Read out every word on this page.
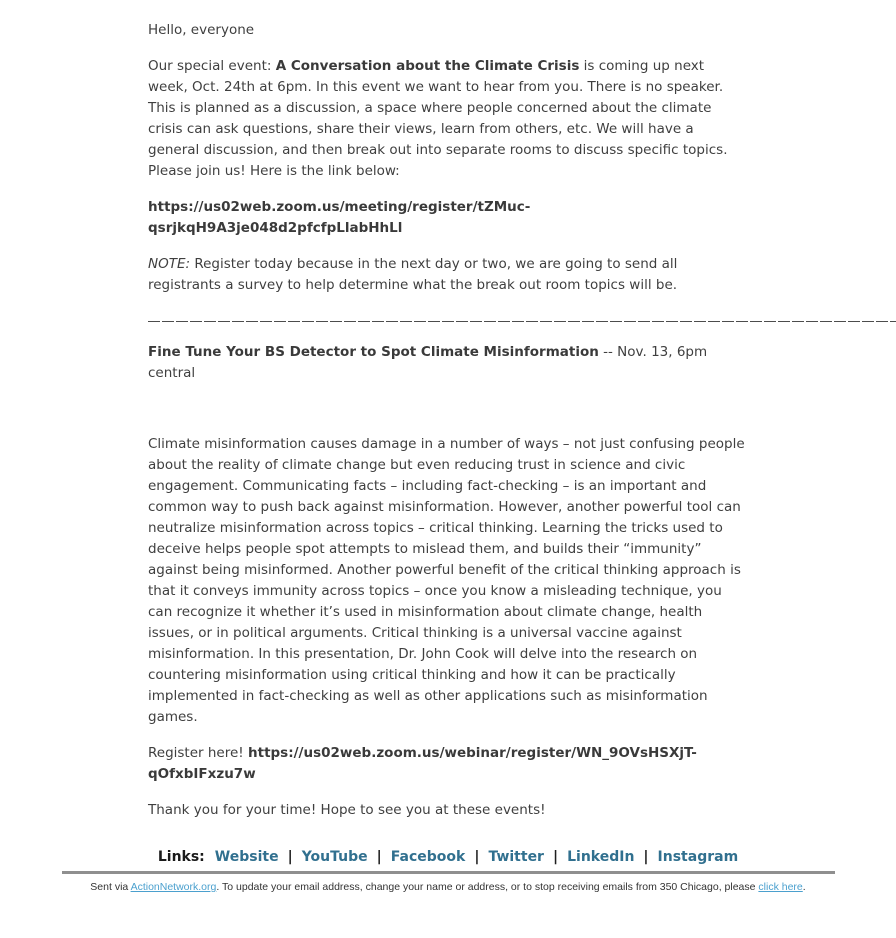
Hello, everyone

Our special event: A Conversation about the Climate Crisis is coming up next week, Oct. 24th at 6pm. In this event we want to hear from you. There is no speaker. This is planned as a discussion, a space where people concerned about the climate crisis can ask questions, share their views, learn from others, etc. We will have a general discussion, and then break out into separate rooms to discuss specific topics. Please join us! Here is the link below:

https://us02web.zoom.us/meeting/register/tZMuc-qsrjkqH9A3je048d2pfcfpLlabHhLl

NOTE: Register today because in the next day or two, we are going to send all registrants a survey to help determine what the break out room topics will be.

Fine Tune Your BS Detector to Spot Climate Misinformation -- Nov. 13, 6pm central

Climate misinformation causes damage in a number of ways – not just confusing people about the reality of climate change but even reducing trust in science and civic engagement. Communicating facts – including fact-checking – is an important and common way to push back against misinformation. However, another powerful tool can neutralize misinformation across topics – critical thinking. Learning the tricks used to deceive helps people spot attempts to mislead them, and builds their “immunity” against being misinformed. Another powerful benefit of the critical thinking approach is that it conveys immunity across topics – once you know a misleading technique, you can recognize it whether it’s used in misinformation about climate change, health issues, or in political arguments. Critical thinking is a universal vaccine against misinformation. In this presentation, Dr. John Cook will delve into the research on countering misinformation using critical thinking and how it can be practically implemented in fact-checking as well as other applications such as misinformation games.

Register here! https://us02web.zoom.us/webinar/register/WN_9OVsHSXjT-qOfxbIFxzu7w

Thank you for your time! Hope to see you at these events!

Links: Website | YouTube | Facebook | Twitter | LinkedIn | Instagram

Sent via ActionNetwork.org. To update your email address, change your name or address, or to stop receiving emails from 350 Chicago, please click here.
